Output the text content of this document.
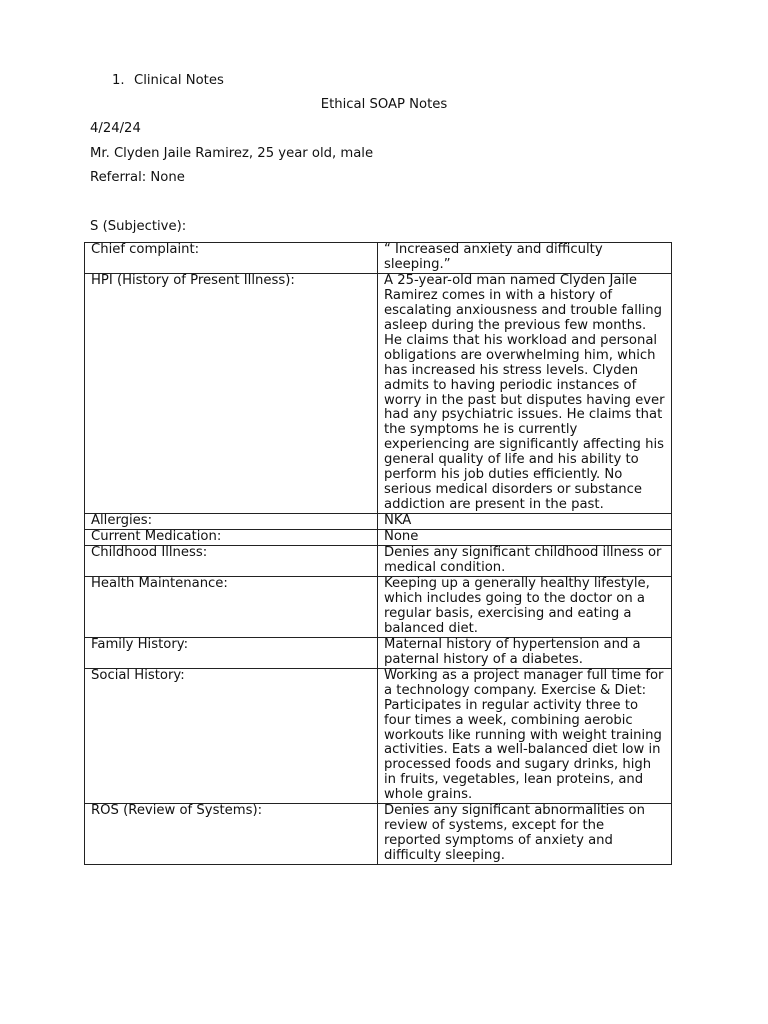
1. Clinical Notes
Ethical SOAP Notes
4/24/24
Mr. Clyden Jaile Ramirez, 25 year old, male
Referral: None
S (Subjective):
Chief complaint:	“ Increased anxiety and difficulty sleeping.”
HPI (History of Present Illness):	A 25-year-old man named Clyden Jaile Ramirez comes in with a history of escalating anxiousness and trouble falling asleep during the previous few months. He claims that his workload and personal obligations are overwhelming him, which has increased his stress levels. Clyden admits to having periodic instances of worry in the past but disputes having ever had any psychiatric issues. He claims that the symptoms he is currently experiencing are significantly affecting his general quality of life and his ability to perform his job duties efficiently. No serious medical disorders or substance addiction are present in the past.
Allergies:	NKA
Current Medication:	None
Childhood Illness:	Denies any significant childhood illness or medical condition.
Health Maintenance:	Keeping up a generally healthy lifestyle, which includes going to the doctor on a regular basis, exercising and eating a balanced diet.
Family History:	Maternal history of hypertension and a paternal history of a diabetes.
Social History:	Working as a project manager full time for a technology company. Exercise & Diet: Participates in regular activity three to four times a week, combining aerobic workouts like running with weight training activities. Eats a well-balanced diet low in processed foods and sugary drinks, high in fruits, vegetables, lean proteins, and whole grains.
ROS (Review of Systems):	Denies any significant abnormalities on review of systems, except for the reported symptoms of anxiety and difficulty sleeping.
